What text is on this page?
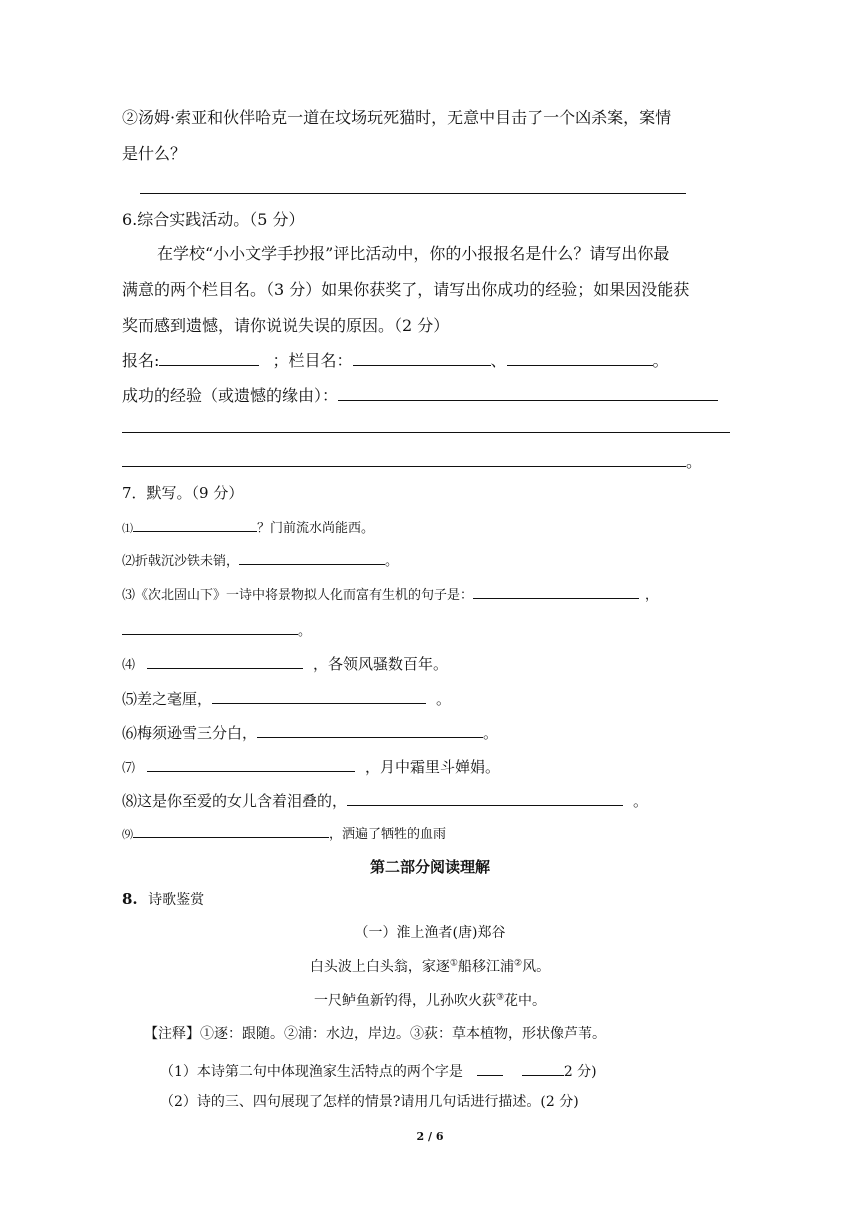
②汤姆·索亚和伙伴哈克一道在坟场玩死猫时，无意中目击了一个凶杀案，案情
是什么？
6.综合实践活动。（5 分）
在学校“小小文学手抄报”评比活动中，你的小报报名是什么？请写出你最
满意的两个栏目名。（3 分）如果你获奖了，请写出你成功的经验；如果因没能获
奖而感到遗憾，请你说说失误的原因。（2 分）
报名:	；栏目名：	、	。
成功的经验（或遗憾的缘由）：
。
7．默写。（9 分）
⑴	？门前流水尚能西。
⑵折戟沉沙铁未销，	。
⑶《次北固山下》一诗中将景物拟人化而富有生机的句子是：	，
。
⑷	，各领风骚数百年。
⑸差之毫厘，	。
⑹梅须逊雪三分白，	。
⑺	，月中霜里斗婵娟。
⑻这是你至爱的女儿含着泪叠的，	。
⑼	，洒遍了牺牲的血雨
第二部分阅读理解
8. 诗歌鉴赏
（一）淮上渔者(唐)郑谷
白头波上白头翁，家逐①船移江浦②风。
一尺鲈鱼新钓得，儿孙吹火荻③花中。
【注释】①逐：跟随。②浦：水边，岸边。③荻：草本植物，形状像芦苇。
（1）本诗第二句中体现渔家生活特点的两个字是	2 分)
（2）诗的三、四句展现了怎样的情景?请用几句话进行描述。(2 分)
2 / 6
